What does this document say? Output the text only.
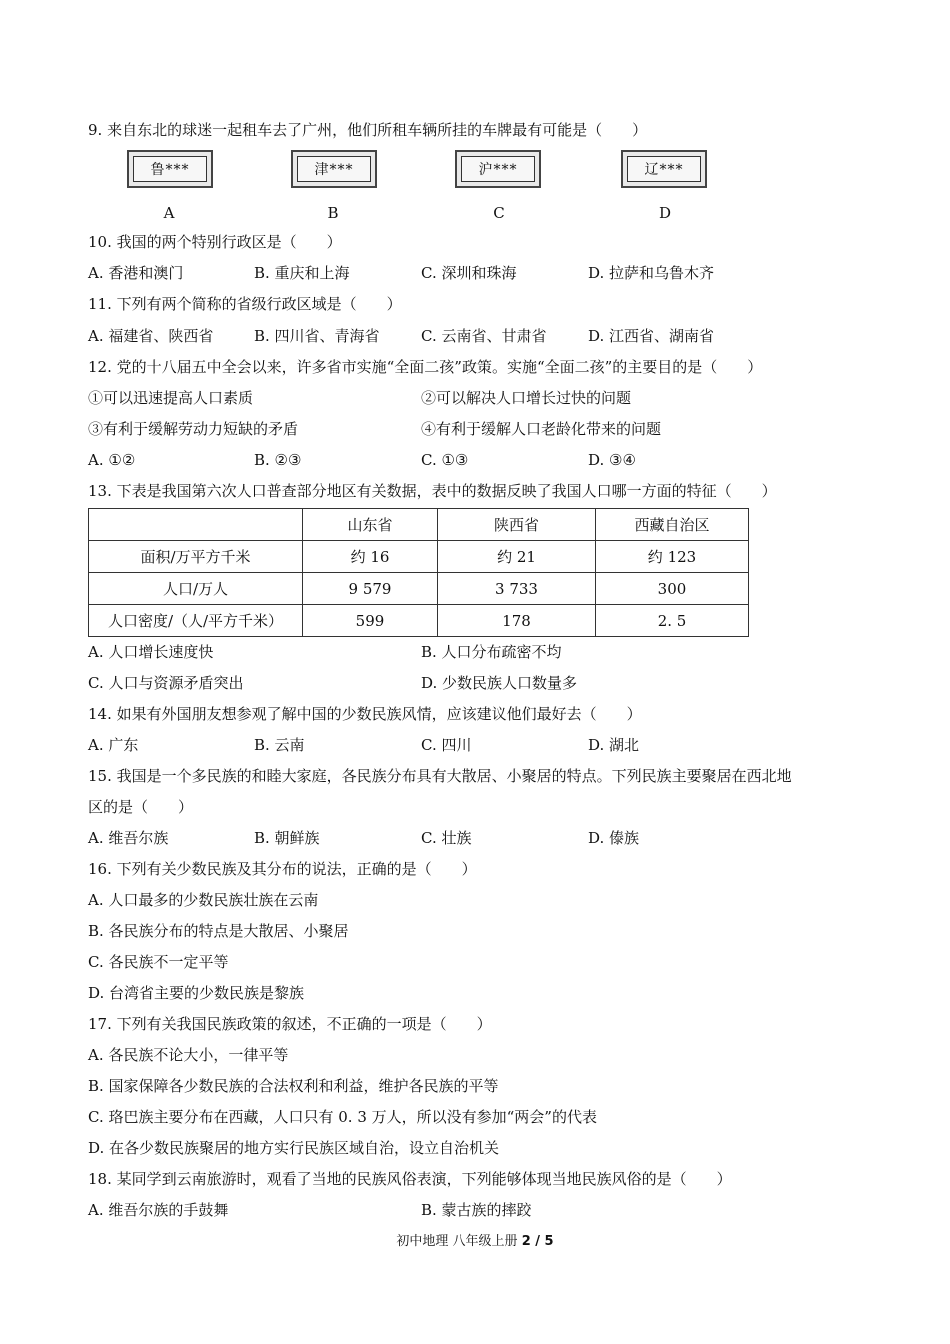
9. 来自东北的球迷一起租车去了广州，他们所租车辆所挂的车牌最有可能是（　　）
鲁***	津***	沪***	辽***
A	B	C	D
10. 我国的两个特别行政区是（　　）
A. 香港和澳门	B. 重庆和上海	C. 深圳和珠海	D. 拉萨和乌鲁木齐
11. 下列有两个简称的省级行政区域是（　　）
A. 福建省、陕西省	B. 四川省、青海省	C. 云南省、甘肃省	D. 江西省、湖南省
12. 党的十八届五中全会以来，许多省市实施“全面二孩”政策。实施“全面二孩”的主要目的是（　　）
①可以迅速提高人口素质	②可以解决人口增长过快的问题
③有利于缓解劳动力短缺的矛盾	④有利于缓解人口老龄化带来的问题
A. ①②	B. ②③	C. ①③	D. ③④
13. 下表是我国第六次人口普查部分地区有关数据，表中的数据反映了我国人口哪一方面的特征（　　）
	山东省	陕西省	西藏自治区
面积/万平方千米	约 16	约 21	约 123
人口/万人	9 579	3 733	300
人口密度/（人/平方千米）	599	178	2. 5
A. 人口增长速度快	B. 人口分布疏密不均
C. 人口与资源矛盾突出	D. 少数民族人口数量多
14. 如果有外国朋友想参观了解中国的少数民族风情，应该建议他们最好去（　　）
A. 广东	B. 云南	C. 四川	D. 湖北
15. 我国是一个多民族的和睦大家庭，各民族分布具有大散居、小聚居的特点。下列民族主要聚居在西北地
区的是（　　）
A. 维吾尔族	B. 朝鲜族	C. 壮族	D. 傣族
16. 下列有关少数民族及其分布的说法，正确的是（　　）
A. 人口最多的少数民族壮族在云南
B. 各民族分布的特点是大散居、小聚居
C. 各民族不一定平等
D. 台湾省主要的少数民族是黎族
17. 下列有关我国民族政策的叙述，不正确的一项是（　　）
A. 各民族不论大小，一律平等
B. 国家保障各少数民族的合法权利和利益，维护各民族的平等
C. 珞巴族主要分布在西藏，人口只有 0. 3 万人，所以没有参加“两会”的代表
D. 在各少数民族聚居的地方实行民族区域自治，设立自治机关
18. 某同学到云南旅游时，观看了当地的民族风俗表演，下列能够体现当地民族风俗的是（　　）
A. 维吾尔族的手鼓舞	B. 蒙古族的摔跤
初中地理 八年级上册 2 / 5
